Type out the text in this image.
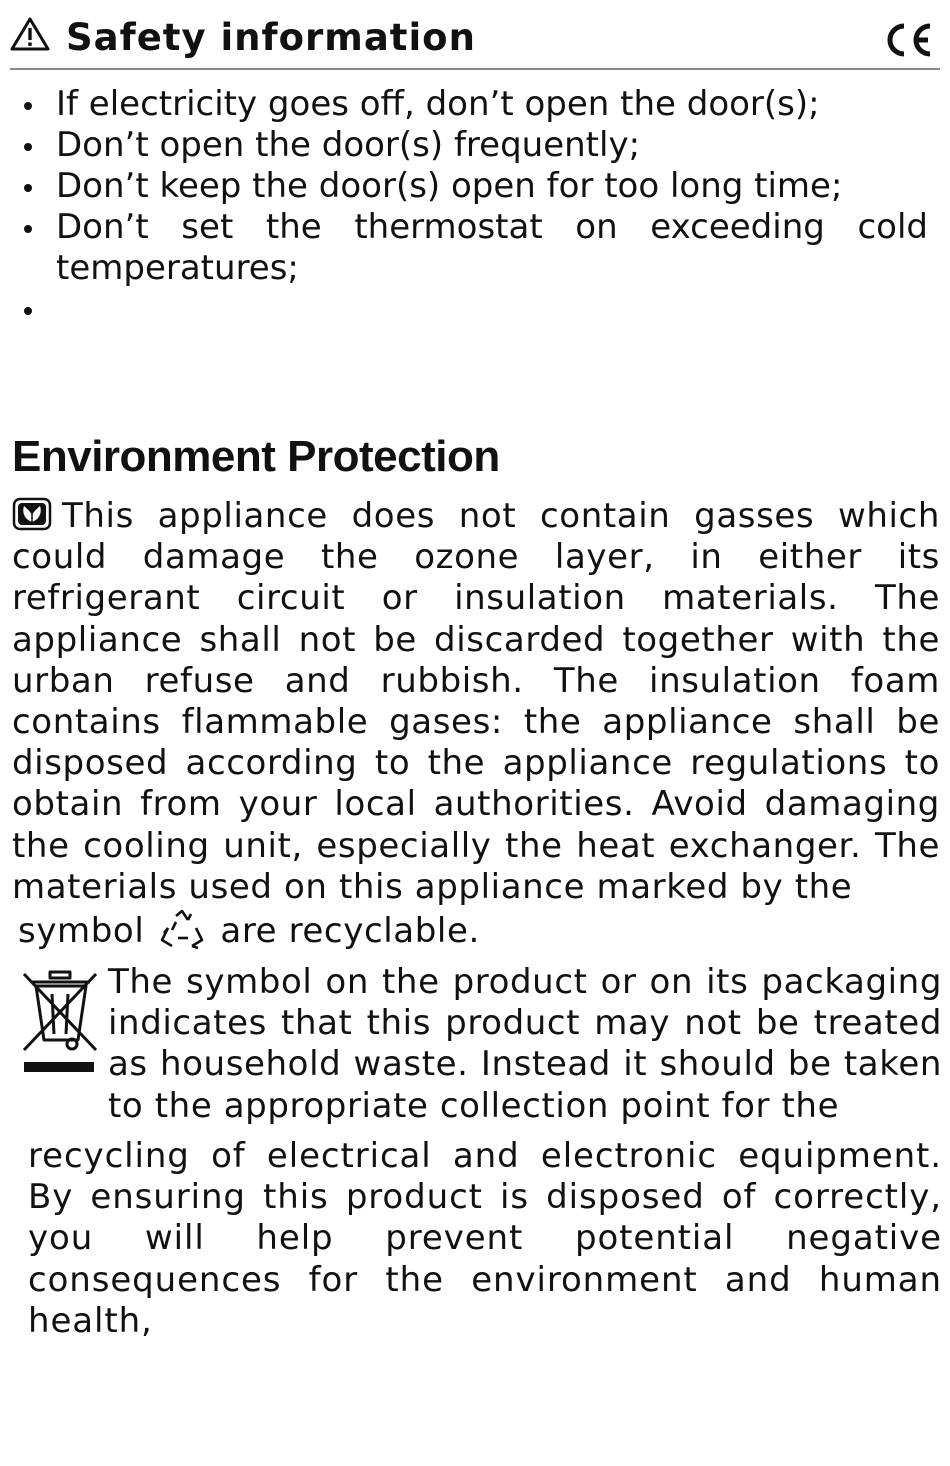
Safety information
If electricity goes off, don’t open the door(s);
Don’t open the door(s) frequently;
Don’t keep the door(s) open for too long time;
Don’t set the thermostat on exceeding cold temperatures;
Environment Protection
This appliance does not contain gasses which could damage the ozone layer, in either its refrigerant circuit or insulation materials. The appliance shall not be discarded together with the urban refuse and rubbish. The insulation foam contains flammable gases: the appliance shall be disposed according to the appliance regulations to obtain from your local authorities. Avoid damaging the cooling unit, especially the heat exchanger. The materials used on this appliance marked by the
symbol are recyclable.
The symbol on the product or on its packaging indicates that this product may not be treated as household waste. Instead it should be taken to the appropriate collection point for the
recycling of electrical and electronic equipment. By ensuring this product is disposed of correctly, you will help prevent potential negative consequences for the environment and human health,
